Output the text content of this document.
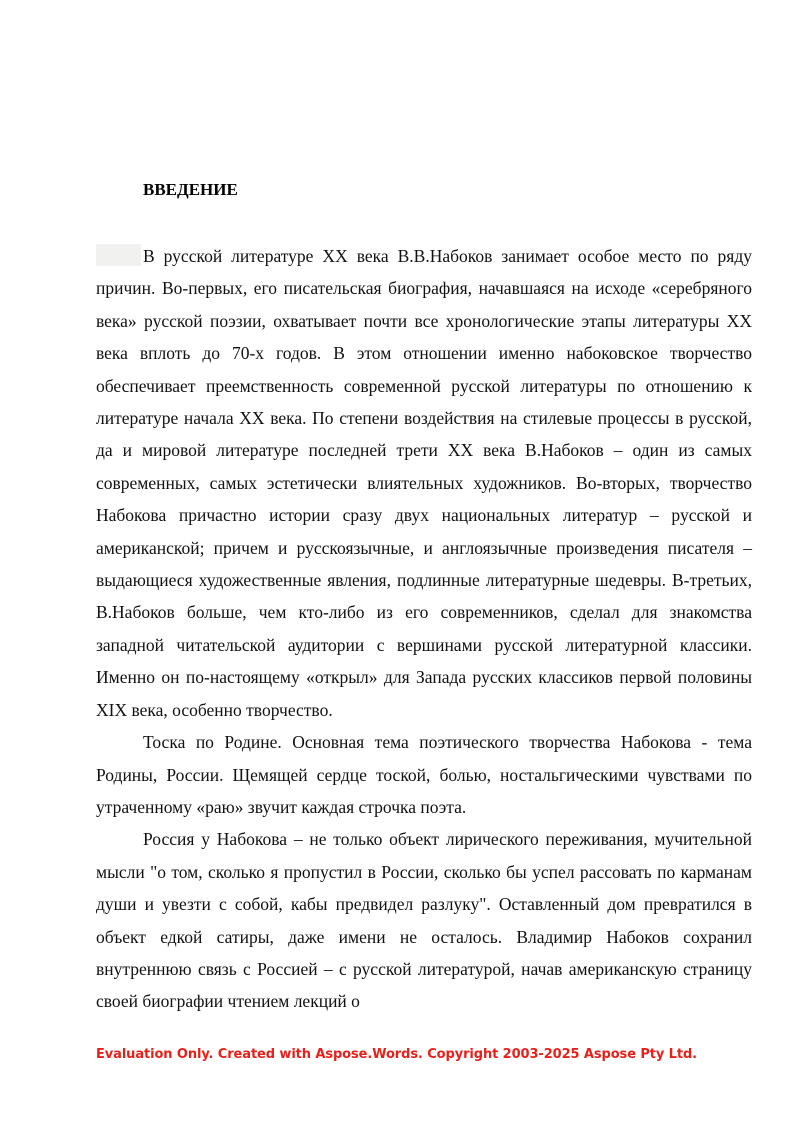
ВВЕДЕНИЕ

В русской литературе XX века В.В.Набоков занимает особое место по ряду причин. Во-первых, его писательская биография, начавшаяся на исходе «серебряного века» русской поэзии, охватывает почти все хронологические этапы литературы XX века вплоть до 70-х годов. В этом отношении именно набоковское творчество обеспечивает преемственность современной русской литературы по отношению к литературе начала XX века. По степени воздействия на стилевые процессы в русской, да и мировой литературе последней трети XX века В.Набоков – один из самых современных, самых эстетически влиятельных художников. Во-вторых, творчество Набокова причастно истории сразу двух национальных литератур – русской и американской; причем и русскоязычные, и англоязычные произведения писателя – выдающиеся художественные явления, подлинные литературные шедевры. В-третьих, В.Набоков больше, чем кто-либо из его современников, сделал для знакомства западной читательской аудитории с вершинами русской литературной классики. Именно он по-настоящему «открыл» для Запада русских классиков первой половины XIX века, особенно творчество.

Тоска по Родине. Основная тема поэтического творчества Набокова - тема Родины, России. Щемящей сердце тоской, болью, ностальгическими чувствами по утраченному «раю» звучит каждая строчка поэта.

Россия у Набокова – не только объект лирического переживания, мучительной мысли "о том, сколько я пропустил в России, сколько бы успел рассовать по карманам души и увезти с собой, кабы предвидел разлуку". Оставленный дом превратился в объект едкой сатиры, даже имени не осталось. Владимир Набоков сохранил внутреннюю связь с Россией – с русской литературой, начав американскую страницу своей биографии чтением лекций о

Evaluation Only. Created with Aspose.Words. Copyright 2003-2025 Aspose Pty Ltd.
